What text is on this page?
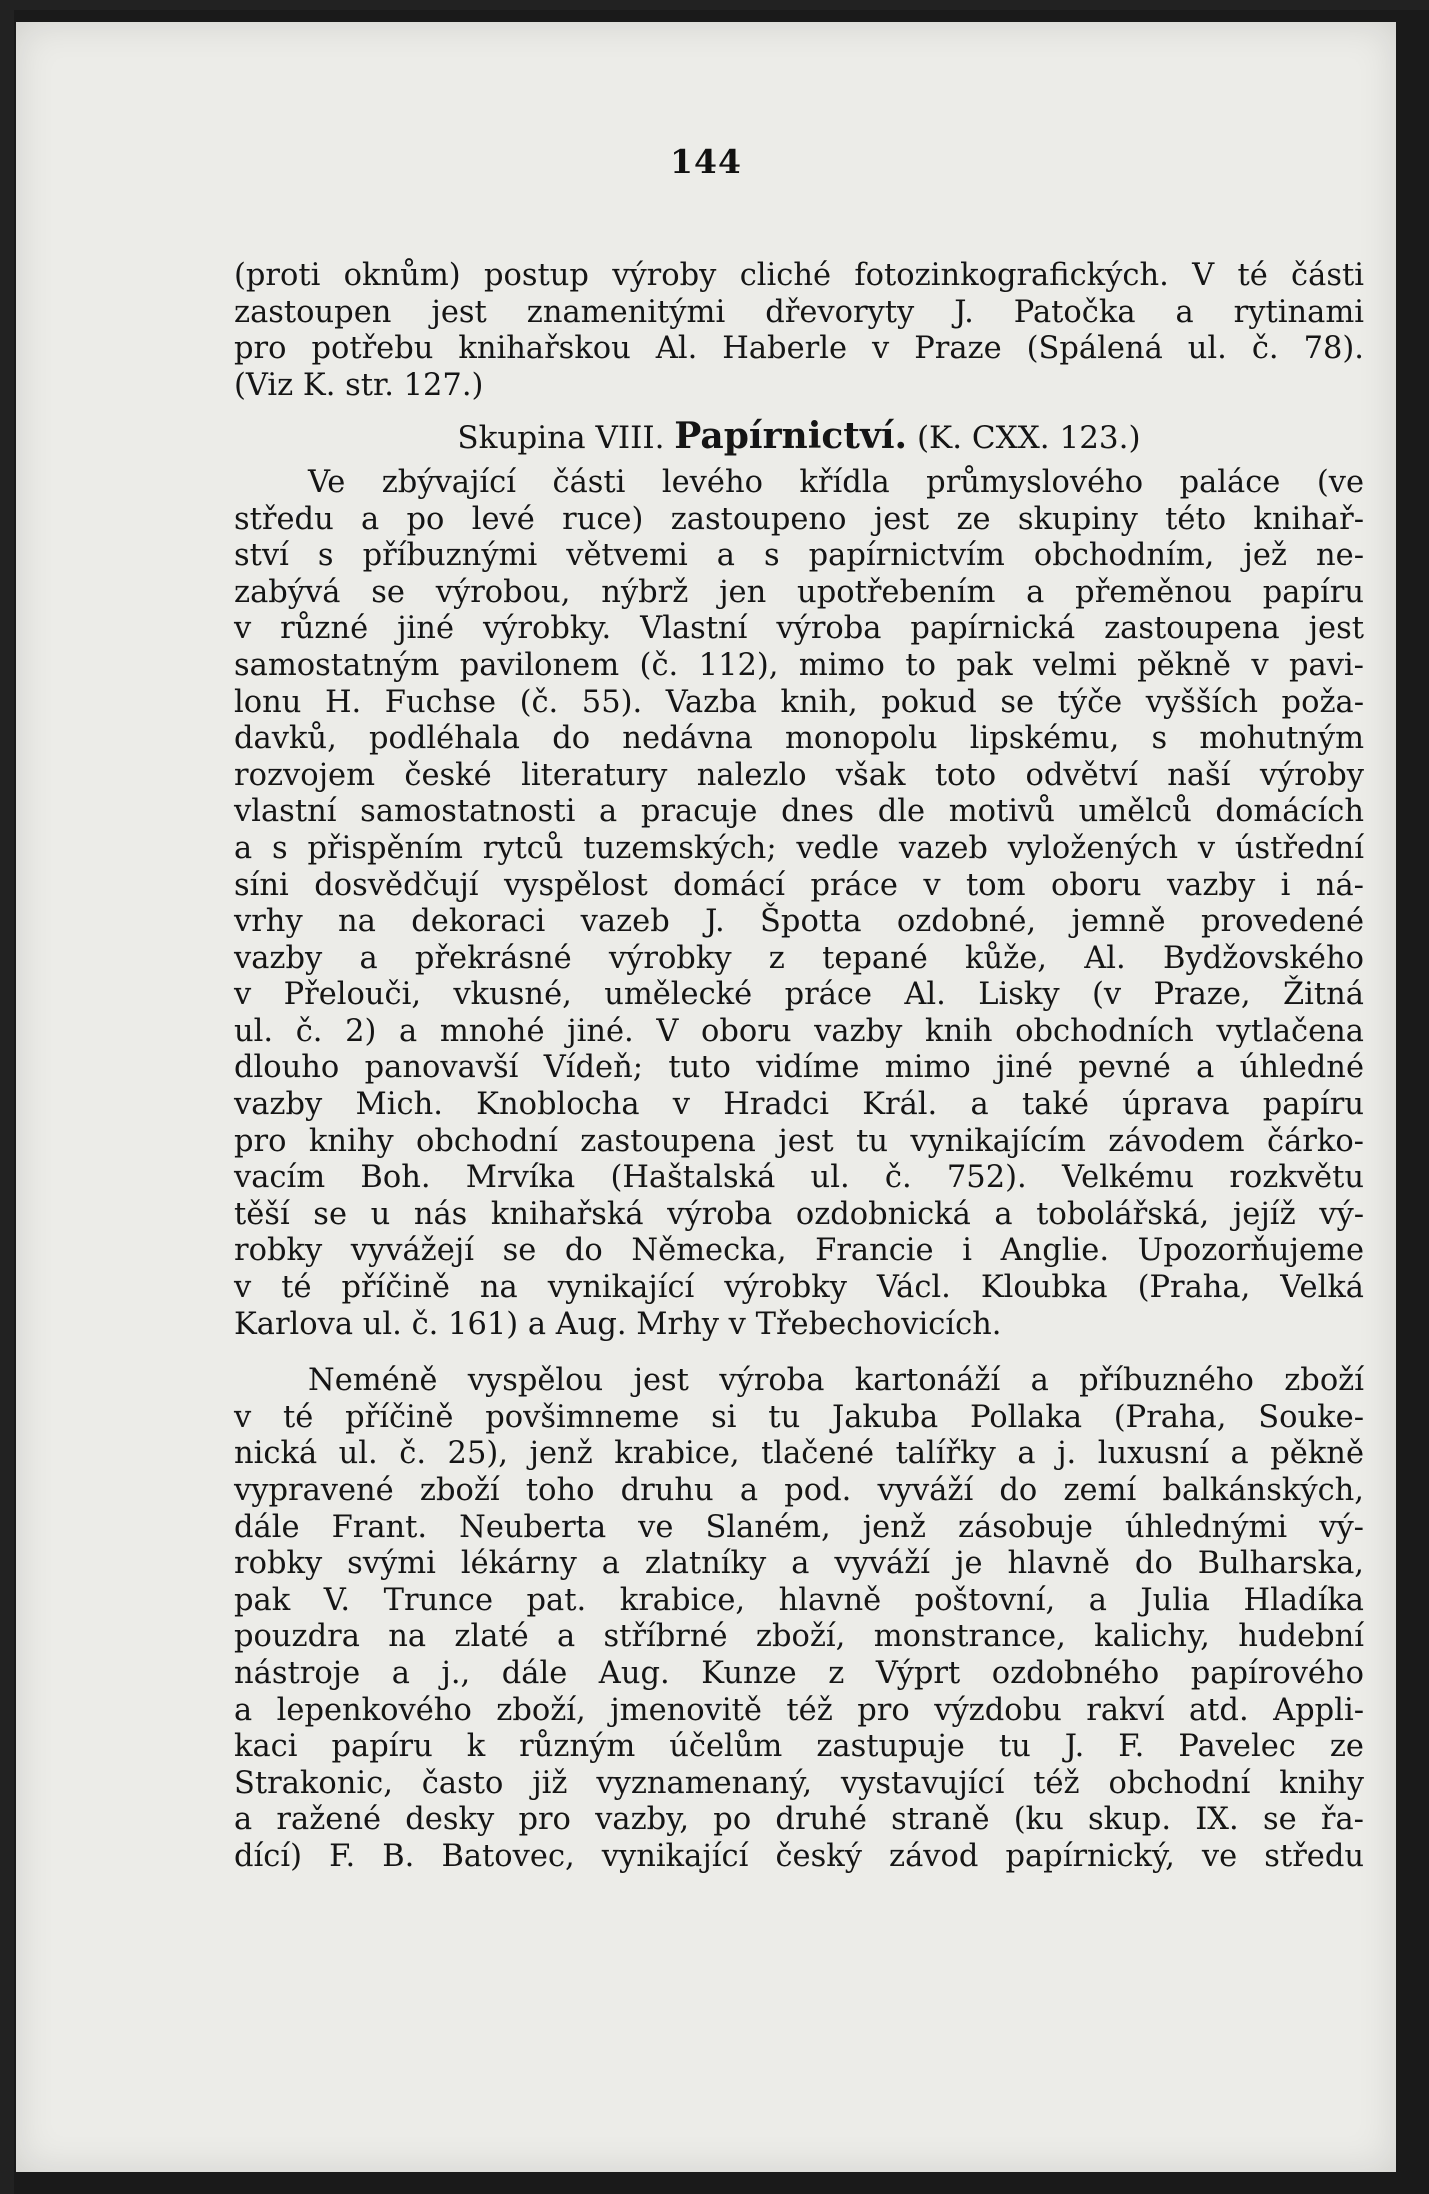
144
(proti oknům) postup výroby cliché fotozinkografických. V té části
zastoupen jest znamenitými dřevoryty J. Patočka a rytinami
pro potřebu knihařskou Al. Haberle v Praze (Spálená ul. č. 78).
(Viz K. str. 127.)
Skupina VIII. Papírnictví. (K. CXX. 123.)
Ve zbývající části levého křídla průmyslového paláce (ve
středu a po levé ruce) zastoupeno jest ze skupiny této knihař-
ství s příbuznými větvemi a s papírnictvím obchodním, jež ne-
zabývá se výrobou, nýbrž jen upotřebením a přeměnou papíru
v různé jiné výrobky. Vlastní výroba papírnická zastoupena jest
samostatným pavilonem (č. 112), mimo to pak velmi pěkně v pavi-
lonu H. Fuchse (č. 55). Vazba knih, pokud se týče vyšších poža-
davků, podléhala do nedávna monopolu lipskému, s mohutným
rozvojem české literatury nalezlo však toto odvětví naší výroby
vlastní samostatnosti a pracuje dnes dle motivů umělců domácích
a s přispěním rytců tuzemských; vedle vazeb vyložených v ústřední
síni dosvědčují vyspělost domácí práce v tom oboru vazby i ná-
vrhy na dekoraci vazeb J. Špotta ozdobné, jemně provedené
vazby a překrásné výrobky z tepané kůže, Al. Bydžovského
v Přelouči, vkusné, umělecké práce Al. Lisky (v Praze, Žitná
ul. č. 2) a mnohé jiné. V oboru vazby knih obchodních vytlačena
dlouho panovavší Vídeň; tuto vidíme mimo jiné pevné a úhledné
vazby Mich. Knoblocha v Hradci Král. a také úprava papíru
pro knihy obchodní zastoupena jest tu vynikajícím závodem čárko-
vacím Boh. Mrvíka (Haštalská ul. č. 752). Velkému rozkvětu
těší se u nás knihařská výroba ozdobnická a tobolářská, jejíž vý-
robky vyvážejí se do Německa, Francie i Anglie. Upozorňujeme
v té příčině na vynikající výrobky Václ. Kloubka (Praha, Velká
Karlova ul. č. 161) a Aug. Mrhy v Třebechovicích.
Neméně vyspělou jest výroba kartonáží a příbuzného zboží
v té příčině povšimneme si tu Jakuba Pollaka (Praha, Souke-
nická ul. č. 25), jenž krabice, tlačené talířky a j. luxusní a pěkně
vypravené zboží toho druhu a pod. vyváží do zemí balkánských,
dále Frant. Neuberta ve Slaném, jenž zásobuje úhlednými vý-
robky svými lékárny a zlatníky a vyváží je hlavně do Bulharska,
pak V. Trunce pat. krabice, hlavně poštovní, a Julia Hladíka
pouzdra na zlaté a stříbrné zboží, monstrance, kalichy, hudební
nástroje a j., dále Aug. Kunze z Výprt ozdobného papírového
a lepenkového zboží, jmenovitě též pro výzdobu rakví atd. Appli-
kaci papíru k různým účelům zastupuje tu J. F. Pavelec ze
Strakonic, často již vyznamenaný, vystavující též obchodní knihy
a ražené desky pro vazby, po druhé straně (ku skup. IX. se řa-
dící) F. B. Batovec, vynikající český závod papírnický, ve středu
